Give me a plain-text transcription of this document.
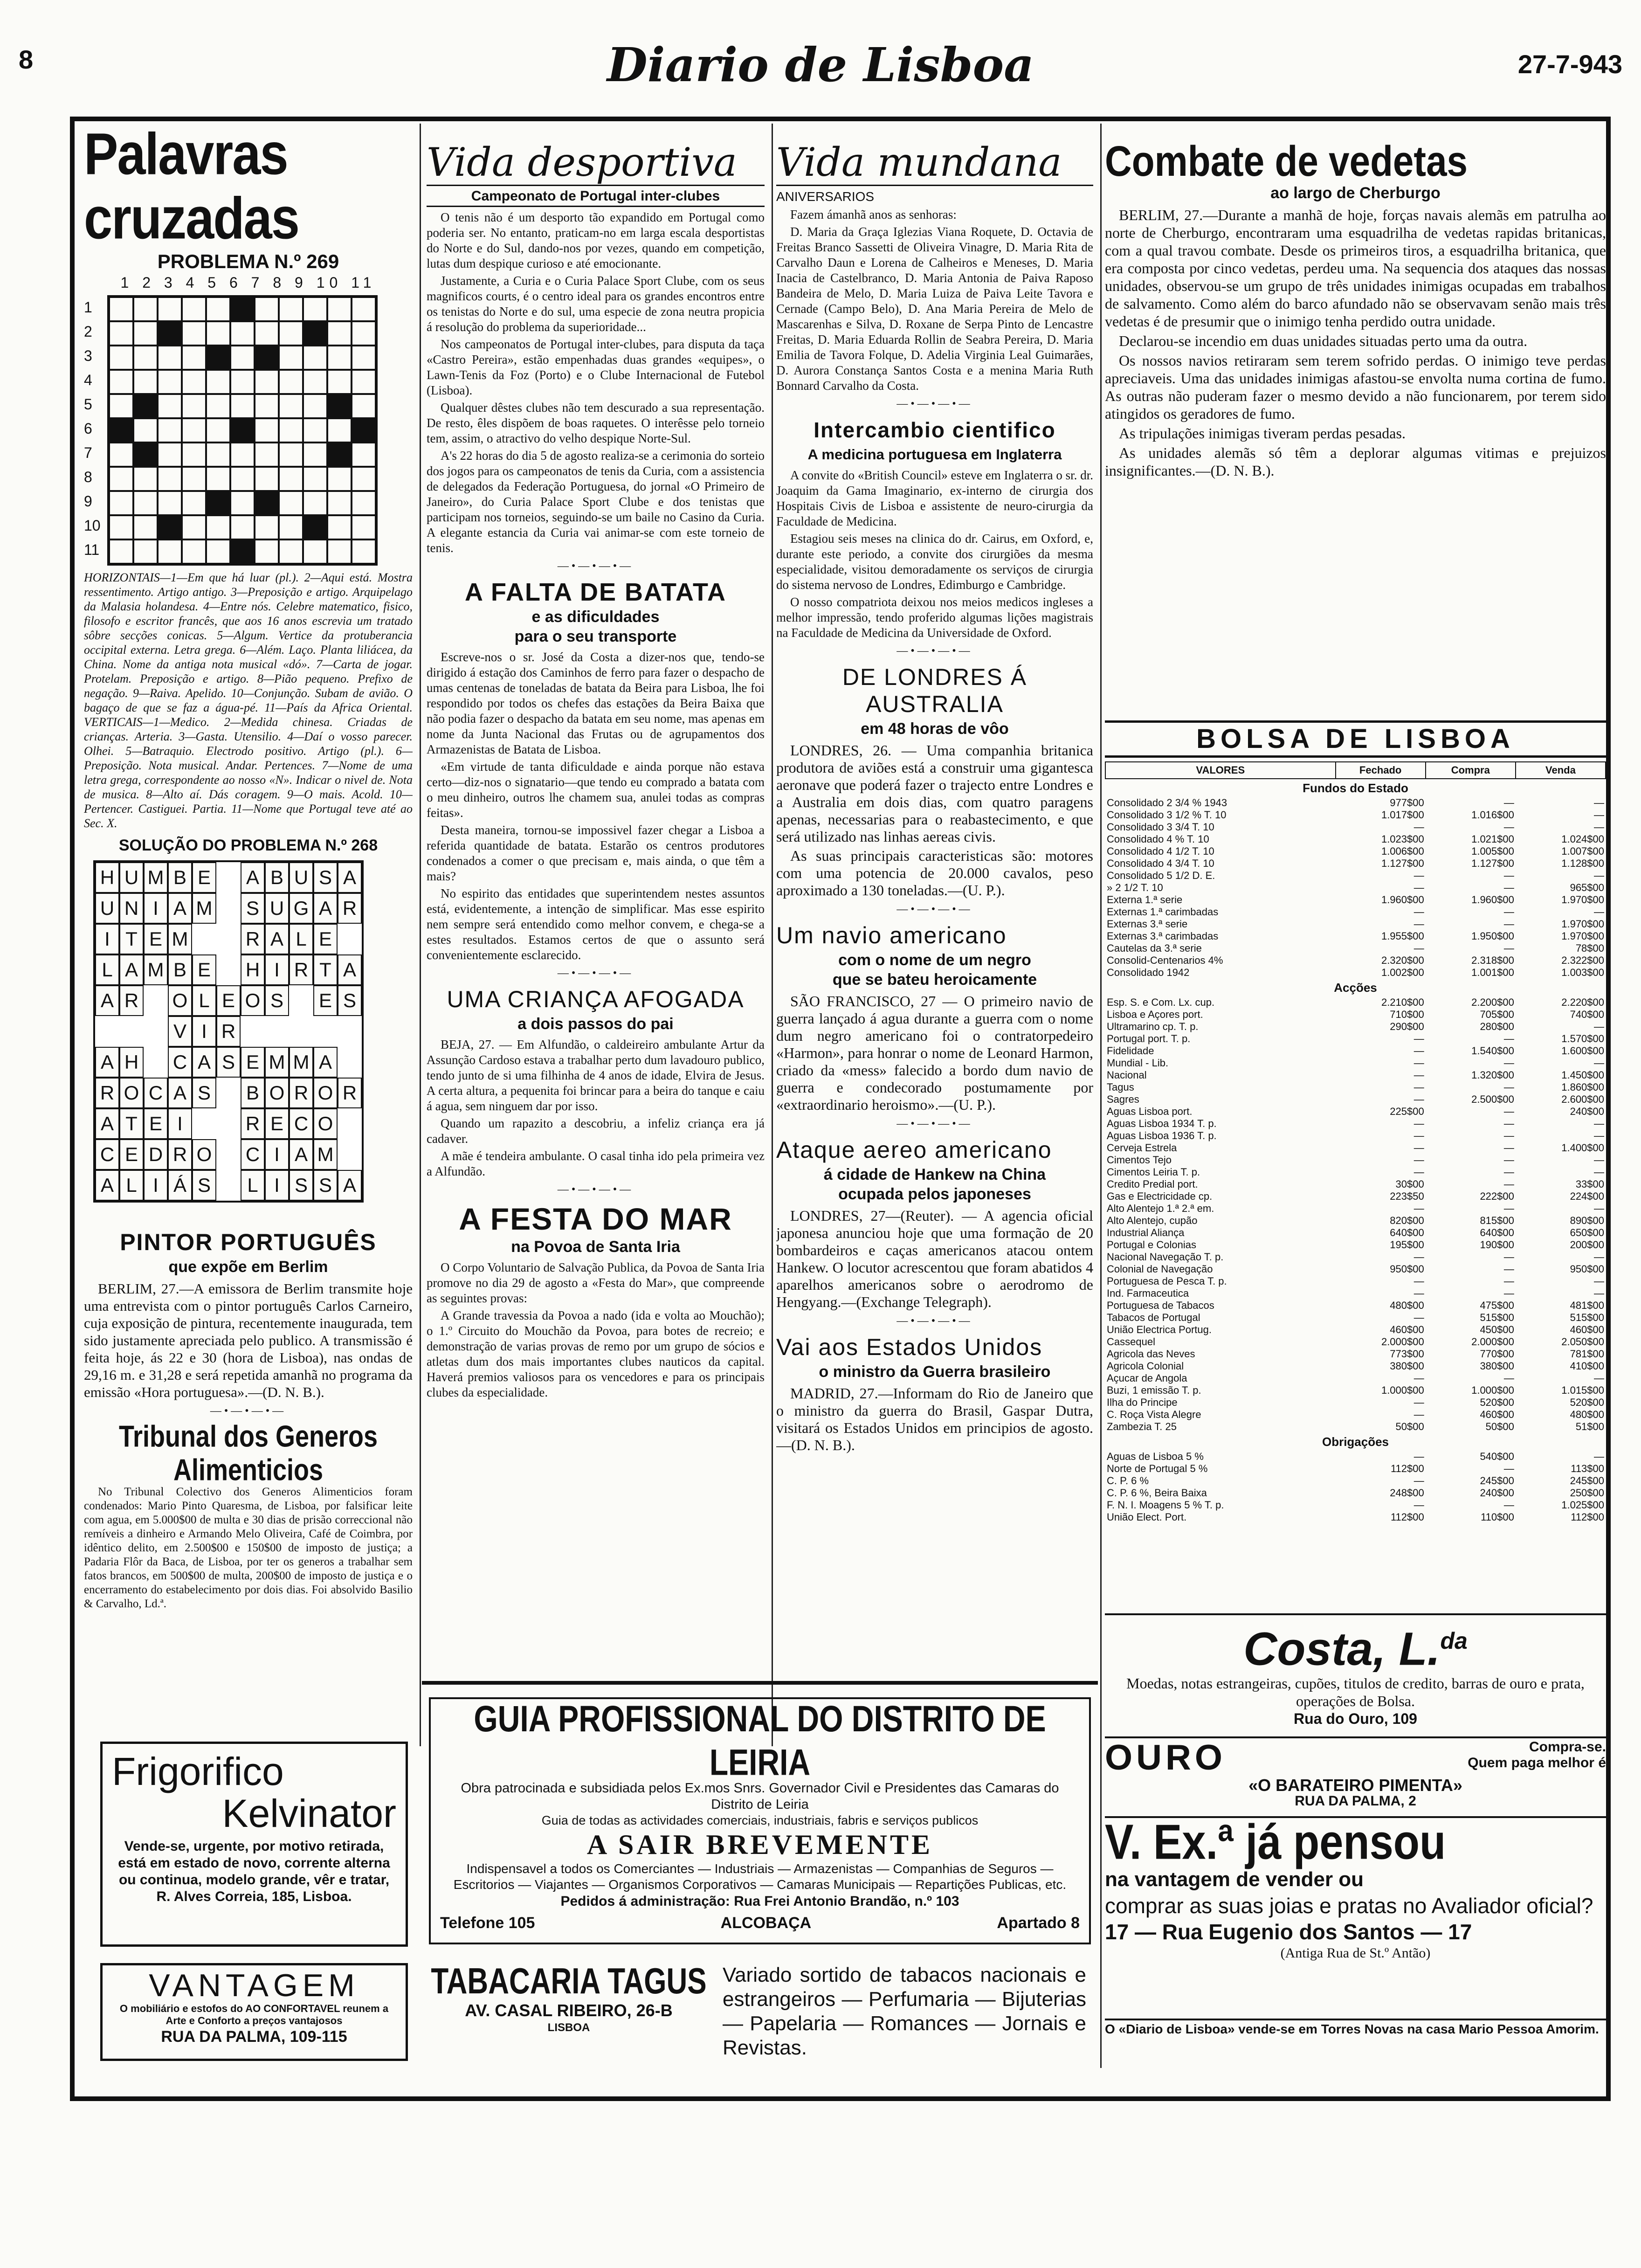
8	Diario de Lisboa	27-7-943
Palavras cruzadas
PROBLEMA N.º 269
1 2 3 4 5 6 7 8 9 10 11
1
2
3
4
5
6
7
8
9
10
11
HORIZONTAIS—1—Em que há luar (pl.). 2—Aqui está. Mostra ressentimento. Artigo antigo. 3—Preposição e artigo. Arquipelago da Malasia holandesa. 4—Entre nós. Celebre matematico, fisico, filosofo e escritor francês, que aos 16 anos escrevia um tratado sôbre secções conicas. 5—Algum. Vertice da protuberancia occipital externa. Letra grega. 6—Além. Laço. Planta liliácea, da China. Nome da antiga nota musical «dó». 7—Carta de jogar. Protelam. Preposição e artigo. 8—Pião pequeno. Prefixo de negação. 9—Raiva. Apelido. 10—Conjunção. Subam de avião. O bagaço de que se faz a água-pé. 11—País da Africa Oriental. VERTICAIS—1—Medico. 2—Medida chinesa. Criadas de crianças. Arteria. 3—Gasta. Utensilio. 4—Daí o vosso parecer. Olhei. 5—Batraquio. Electrodo positivo. Artigo (pl.). 6—Preposição. Nota musical. Andar. Pertences. 7—Nome de uma letra grega, correspondente ao nosso «N». Indicar o nivel de. Nota de musica. 8—Alto aí. Dás coragem. 9—O mais. Acold. 10—Pertencer. Castiguei. Partia. 11—Nome que Portugal teve até ao Sec. X.
SOLUÇÃO DO PROBLEMA N.º 268
H U M B E A B U S A
U N I A M S U G A R
I T E M	R A L E
L A M B E H I R T A
A R O L E O S E S
V I R
A H C A S E M M A
R O C A S B O R O R
A T E I	R E C O
C E D R O C I A M
A L I Á S	L I S S A
PINTOR PORTUGUÊS
que expõe em Berlim

BERLIM, 27.—A emissora de Berlim transmite hoje uma entrevista com o pintor português Carlos Carneiro, cuja exposição de pintura, recentemente inaugurada, tem sido justamente apreciada pelo publico. A transmissão é feita hoje, ás 22 e 30 (hora de Lisboa), nas ondas de 29,16 m. e 31,28 e será repetida amanhã no programa da emissão «Hora portuguesa».—(D. N. B.).

—•—•—•—
Tribunal dos Generos Alimenticios

No Tribunal Colectivo dos Generos Alimenticios foram condenados: Mario Pinto Quaresma, de Lisboa, por falsificar leite com agua, em 5.000$00 de multa e 30 dias de prisão correccional não remíveis a dinheiro e Armando Melo Oliveira, Café de Coimbra, por idêntico delito, em 2.500$00 e 150$00 de imposto de justiça; a Padaria Flôr da Baca, de Lisboa, por ter os generos a trabalhar sem fatos brancos, em 500$00 de multa, 200$00 de imposto de justiça e o encerramento do estabelecimento por dois dias. Foi absolvido Basilio & Carvalho, Ld.ª.

Frigorifico
Kelvinator
Vende-se, urgente, por motivo retirada, está em estado de novo, corrente alterna ou continua, modelo grande, vêr e tratar, R. Alves Correia, 185, Lisboa.
VANTAGEM
O mobiliário e estofos do AO CONFORTAVEL reunem a Arte e Conforto a preços vantajosos
RUA DA PALMA, 109-115
Vida desportiva
Campeonato de Portugal inter-clubes

O tenis não é um desporto tão expandido em Portugal como poderia ser. No entanto, praticam-no em larga escala desportistas do Norte e do Sul, dando-nos por vezes, quando em competição, lutas dum despique curioso e até emocionante.

Justamente, a Curia e o Curia Palace Sport Clube, com os seus magnificos courts, é o centro ideal para os grandes encontros entre os tenistas do Norte e do sul, uma especie de zona neutra propicia á resolução do problema da superioridade...

Nos campeonatos de Portugal inter-clubes, para disputa da taça «Castro Pereira», estão empenhadas duas grandes «equipes», o Lawn-Tenis da Foz (Porto) e o Clube Internacional de Futebol (Lisboa).

Qualquer dêstes clubes não tem descurado a sua representação. De resto, êles dispõem de boas raquetes. O interêsse pelo torneio tem, assim, o atractivo do velho despique Norte-Sul.

A's 22 horas do dia 5 de agosto realiza-se a cerimonia do sorteio dos jogos para os campeonatos de tenis da Curia, com a assistencia de delegados da Federação Portuguesa, do jornal «O Primeiro de Janeiro», do Curia Palace Sport Clube e dos tenistas que participam nos torneios, seguindo-se um baile no Casino da Curia. A elegante estancia da Curia vai animar-se com este torneio de tenis.

—•—•—•—
A FALTA DE BATATA
e as dificuldades
para o seu transporte

Escreve-nos o sr. José da Costa a dizer-nos que, tendo-se dirigido á estação dos Caminhos de ferro para fazer o despacho de umas centenas de toneladas de batata da Beira para Lisboa, lhe foi respondido por todos os chefes das estações da Beira Baixa que não podia fazer o despacho da batata em seu nome, mas apenas em nome da Junta Nacional das Frutas ou de agrupamentos dos Armazenistas de Batata de Lisboa.

«Em virtude de tanta dificuldade e ainda porque não estava certo—diz-nos o signatario—que tendo eu comprado a batata com o meu dinheiro, outros lhe chamem sua, anulei todas as compras feitas».

Desta maneira, tornou-se impossivel fazer chegar a Lisboa a referida quantidade de batata. Estarão os centros produtores condenados a comer o que precisam e, mais ainda, o que têm a mais?

No espirito das entidades que superintendem nestes assuntos está, evidentemente, a intenção de simplificar. Mas esse espirito nem sempre será entendido como melhor convem, e chega-se a estes resultados. Estamos certos de que o assunto será convenientemente esclarecido.

—•—•—•—
UMA CRIANÇA AFOGADA
a dois passos do pai

BEJA, 27. — Em Alfundão, o caldeireiro ambulante Artur da Assunção Cardoso estava a trabalhar perto dum lavadouro publico, tendo junto de si uma filhinha de 4 anos de idade, Elvira de Jesus. A certa altura, a pequenita foi brincar para a beira do tanque e caiu á agua, sem ninguem dar por isso.

Quando um rapazito a descobriu, a infeliz criança era já cadaver.

A mãe é tendeira ambulante. O casal tinha ido pela primeira vez a Alfundão.

—•—•—•—
A FESTA DO MAR
na Povoa de Santa Iria

O Corpo Voluntario de Salvação Publica, da Povoa de Santa Iria promove no dia 29 de agosto a «Festa do Mar», que compreende as seguintes provas:

A Grande travessia da Povoa a nado (ida e volta ao Mouchão); o 1.º Circuito do Mouchão da Povoa, para botes de recreio; e demonstração de varias provas de remo por um grupo de sócios e atletas dum dos mais importantes clubes nauticos da capital. Haverá premios valiosos para os vencedores e para os principais clubes da especialidade.

Vida mundana
ANIVERSARIOS

Fazem ámanhã anos as senhoras:

D. Maria da Graça Iglezias Viana Roquete, D. Octavia de Freitas Branco Sassetti de Oliveira Vinagre, D. Maria Rita de Carvalho Daun e Lorena de Calheiros e Meneses, D. Maria Inacia de Castelbranco, D. Maria Antonia de Paiva Raposo Bandeira de Melo, D. Maria Luiza de Paiva Leite Tavora e Cernade (Campo Belo), D. Ana Maria Pereira de Melo de Mascarenhas e Silva, D. Roxane de Serpa Pinto de Lencastre Freitas, D. Maria Eduarda Rollin de Seabra Pereira, D. Maria Emilia de Tavora Folque, D. Adelia Virginia Leal Guimarães, D. Aurora Constança Santos Costa e a menina Maria Ruth Bonnard Carvalho da Costa.

—•—•—•—
Intercambio cientifico
A medicina portuguesa em Inglaterra

A convite do «British Council» esteve em Inglaterra o sr. dr. Joaquim da Gama Imaginario, ex-interno de cirurgia dos Hospitais Civis de Lisboa e assistente de neuro-cirurgia da Faculdade de Medicina.

Estagiou seis meses na clinica do dr. Cairus, em Oxford, e, durante este periodo, a convite dos cirurgiões da mesma especialidade, visitou demoradamente os serviços de cirurgia do sistema nervoso de Londres, Edimburgo e Cambridge.

O nosso compatriota deixou nos meios medicos ingleses a melhor impressão, tendo proferido algumas lições magistrais na Faculdade de Medicina da Universidade de Oxford.

—•—•—•—
DE LONDRES Á AUSTRALIA
em 48 horas de vôo

LONDRES, 26. — Uma companhia britanica produtora de aviões está a construir uma gigantesca aeronave que poderá fazer o trajecto entre Londres e a Australia em dois dias, com quatro paragens apenas, necessarias para o reabastecimento, e que será utilizado nas linhas aereas civis.

As suas principais caracteristicas são: motores com uma potencia de 20.000 cavalos, peso aproximado a 130 toneladas.—(U. P.).

—•—•—•—
Um navio americano
com o nome de um negro
que se bateu heroicamente

SÃO FRANCISCO, 27 — O primeiro navio de guerra lançado á agua durante a guerra com o nome dum negro americano foi o contratorpedeiro «Harmon», para honrar o nome de Leonard Harmon, criado da «mess» falecido a bordo dum navio de guerra e condecorado postumamente por «extraordinario heroismo».—(U. P.).

—•—•—•—
Ataque aereo americano
á cidade de Hankew na China
ocupada pelos japoneses

LONDRES, 27—(Reuter). — A agencia oficial japonesa anunciou hoje que uma formação de 20 bombardeiros e caças americanos atacou ontem Hankew. O locutor acrescentou que foram abatidos 4 aparelhos americanos sobre o aerodromo de Hengyang.—(Exchange Telegraph).

—•—•—•—
Vai aos Estados Unidos
o ministro da Guerra brasileiro

MADRID, 27.—Informam do Rio de Janeiro que o ministro da guerra do Brasil, Gaspar Dutra, visitará os Estados Unidos em principios de agosto.—(D. N. B.).

Combate de vedetas
ao largo de Cherburgo

BERLIM, 27.—Durante a manhã de hoje, forças navais alemãs em patrulha ao norte de Cherburgo, encontraram uma esquadrilha de vedetas rapidas britanicas, com a qual travou combate. Desde os primeiros tiros, a esquadrilha britanica, que era composta por cinco vedetas, perdeu uma. Na sequencia dos ataques das nossas unidades, observou-se um grupo de três unidades inimigas ocupadas em trabalhos de salvamento. Como além do barco afundado não se observavam senão mais três vedetas é de presumir que o inimigo tenha perdido outra unidade.

Declarou-se incendio em duas unidades situadas perto uma da outra.

Os nossos navios retiraram sem terem sofrido perdas. O inimigo teve perdas apreciaveis. Uma das unidades inimigas afastou-se envolta numa cortina de fumo. As outras não puderam fazer o mesmo devido a não funcionarem, por terem sido atingidos os geradores de fumo.

As tripulações inimigas tiveram perdas pesadas.

As unidades alemãs só têm a deplorar algumas vitimas e prejuizos insignificantes.—(D. N. B.).

BOLSA DE LISBOA
VALORES	Fechado	Compra	Venda
Fundos do Estado			
Consolidado 2 3/4 % 1943	977$00	—	—
Consolidado 3 1/2 % T. 10	1.017$00	1.016$00	—
Consolidado 3 3/4 T. 10	—	—	—
Consolidado 4 % T. 10	1.023$00	1.021$00	1.024$00
Consolidado 4 1/2 T. 10	1.006$00	1.005$00	1.007$00
Consolidado 4 3/4 T. 10	1.127$00	1.127$00	1.128$00
Consolidado 5 1/2 D. E.	—	—	—
» 2 1/2 T. 10	—	—	965$00
Externa 1.ª serie	1.960$00	1.960$00	1.970$00
Externas 1.ª carimbadas	—	—	—
Externas 3.ª serie	—	—	1.970$00
Externas 3.ª carimbadas	1.955$00	1.950$00	1.970$00
Cautelas da 3.ª serie	—	—	78$00
Consolid-Centenarios 4%	2.320$00	2.318$00	2.322$00
Consolidado 1942	1.002$00	1.001$00	1.003$00
Acções			
Esp. S. e Com. Lx. cup.	2.210$00	2.200$00	2.220$00
Lisboa e Açores port.	710$00	705$00	740$00
Ultramarino cp. T. p.	290$00	280$00	—
Portugal port. T. p.	—	—	1.570$00
Fidelidade	—	1.540$00	1.600$00
Mundial - Lib.	—	—	—
Nacional	—	1.320$00	1.450$00
Tagus	—	—	1.860$00
Sagres	—	2.500$00	2.600$00
Aguas Lisboa port.	225$00	—	240$00
Aguas Lisboa 1934 T. p.	—	—	—
Aguas Lisboa 1936 T. p.	—	—	—
Cerveja Estrela	—	—	1.400$00
Cimentos Tejo	—	—	—
Cimentos Leiria T. p.	—	—	—
Credito Predial port.	30$00	—	33$00
Gas e Electricidade cp.	223$50	222$00	224$00
Alto Alentejo 1.ª 2.ª em.	—	—	—
Alto Alentejo, cupão	820$00	815$00	890$00
Industrial Aliança	640$00	640$00	650$00
Portugal e Colonias	195$00	190$00	200$00
Nacional Navegação T. p.	—	—	—
Colonial de Navegação	950$00	—	950$00
Portuguesa de Pesca T. p.	—	—	—
Ind. Farmaceutica	—	—	—
Portuguesa de Tabacos	480$00	475$00	481$00
Tabacos de Portugal	—	515$00	515$00
União Electrica Portug.	460$00	450$00	460$00
Cassequel	2.000$00	2.000$00	2.050$00
Agricola das Neves	773$00	770$00	781$00
Agricola Colonial	380$00	380$00	410$00
Açucar de Angola	—	—	—
Buzi, 1 emissão T. p.	1.000$00	1.000$00	1.015$00
Ilha do Principe	—	520$00	520$00
C. Roça Vista Alegre	—	460$00	480$00
Zambezia T. 25	50$00	50$00	51$00
Obrigações			
Aguas de Lisboa 5 %	—	540$00	—
Norte de Portugal 5 %	112$00	—	113$00
C. P. 6 %	—	245$00	245$00
C. P. 6 %, Beira Baixa	248$00	240$00	250$00
F. N. I. Moagens 5 % T. p.	—	—	1.025$00
União Elect. Port.	112$00	110$00	112$00
Costa, L.$^{da}$
Moedas, notas estrangeiras, cupões, titulos de credito, barras de ouro e prata, operações de Bolsa.
Rua do Ouro, 109
OURO	Compra-se.
Quem paga melhor é
«O BARATEIRO PIMENTA»
RUA DA PALMA, 2
V. Ex.ª já pensou
na vantagem de vender ou
comprar as suas joias e pratas no Avaliador oficial?
17 — Rua Eugenio dos Santos — 17
(Antiga Rua de St.º Antão)
O «Diario de Lisboa» vende-se em Torres Novas na casa Mario Pessoa Amorim.
GUIA PROFISSIONAL DO DISTRITO DE LEIRIA
Obra patrocinada e subsidiada pelos Ex.mos Snrs. Governador Civil e Presidentes das Camaras do Distrito de Leiria
Guia de todas as actividades comerciais, industriais, fabris e serviços publicos
A SAIR BREVEMENTE
Indispensavel a todos os Comerciantes — Industriais — Armazenistas — Companhias de Seguros — Escritorios — Viajantes — Organismos Corporativos — Camaras Municipais — Repartições Publicas, etc.
Pedidos á administração: Rua Frei Antonio Brandão, n.º 103
Telefone 105	ALCOBAÇA	Apartado 8
TABACARIA TAGUS
AV. CASAL RIBEIRO, 26-B
LISBOA
Variado sortido de tabacos nacionais e estrangeiros — Perfumaria — Bijuterias — Papelaria — Romances — Jornais e Revistas.
